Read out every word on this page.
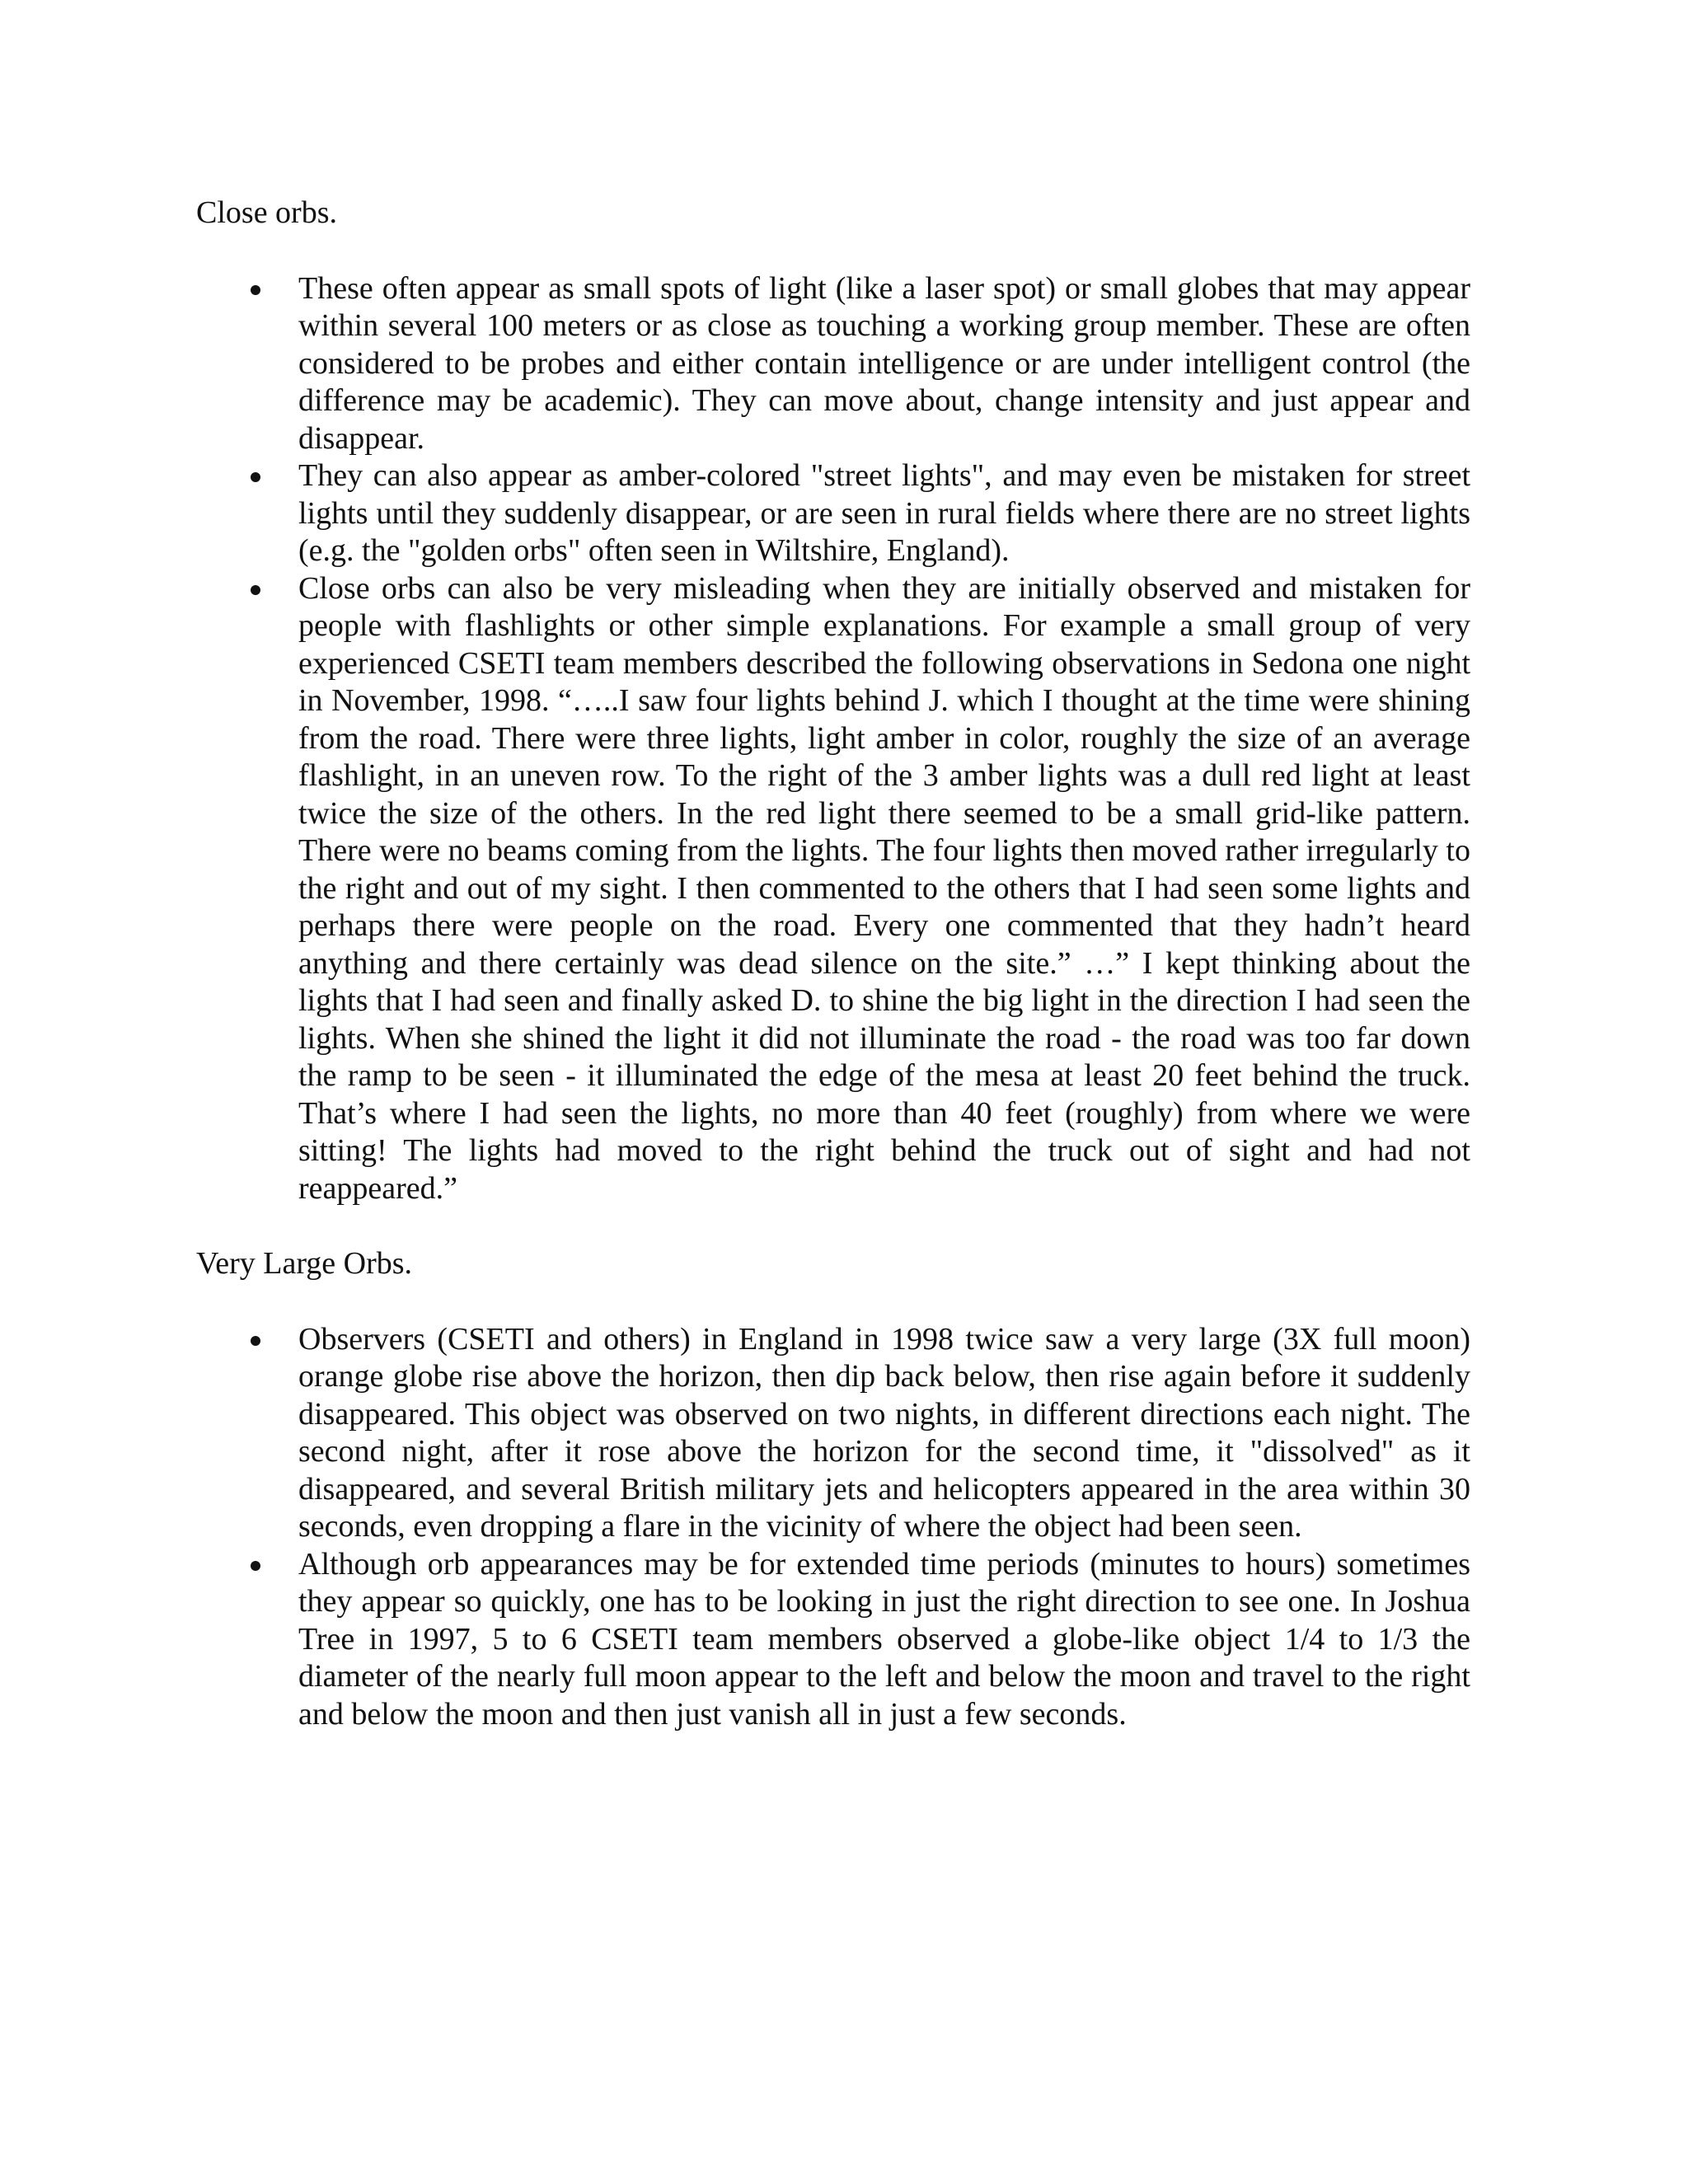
Close orbs.

These often appear as small spots of light (like a laser spot) or small globes that may appear within several 100 meters or as close as touching a working group member. These are often considered to be probes and either contain intelligence or are under intelligent control (the difference may be academic). They can move about, change intensity and just appear and disappear.
They can also appear as amber-colored "street lights", and may even be mistaken for street lights until they suddenly disappear, or are seen in rural fields where there are no street lights (e.g. the "golden orbs" often seen in Wiltshire, England).
Close orbs can also be very misleading when they are initially observed and mistaken for people with flashlights or other simple explanations. For example a small group of very experienced CSETI team members described the following observations in Sedona one night in November, 1998. “…..I saw four lights behind J. which I thought at the time were shining from the road. There were three lights, light amber in color, roughly the size of an average flashlight, in an uneven row. To the right of the 3 amber lights was a dull red light at least twice the size of the others. In the red light there seemed to be a small grid-like pattern. There were no beams coming from the lights. The four lights then moved rather irregularly to the right and out of my sight. I then commented to the others that I had seen some lights and perhaps there were people on the road. Every one commented that they hadn’t heard anything and there certainly was dead silence on the site.” …” I kept thinking about the lights that I had seen and finally asked D. to shine the big light in the direction I had seen the lights. When she shined the light it did not illuminate the road - the road was too far down the ramp to be seen - it illuminated the edge of the mesa at least 20 feet behind the truck. That’s where I had seen the lights, no more than 40 feet (roughly) from where we were sitting! The lights had moved to the right behind the truck out of sight and had not reappeared.”

Very Large Orbs.

Observers (CSETI and others) in England in 1998 twice saw a very large (3X full moon) orange globe rise above the horizon, then dip back below, then rise again before it suddenly disappeared. This object was observed on two nights, in different directions each night. The second night, after it rose above the horizon for the second time, it "dissolved" as it disappeared, and several British military jets and helicopters appeared in the area within 30 seconds, even dropping a flare in the vicinity of where the object had been seen.
Although orb appearances may be for extended time periods (minutes to hours) sometimes they appear so quickly, one has to be looking in just the right direction to see one. In Joshua Tree in 1997, 5 to 6 CSETI team members observed a globe-like object 1/4 to 1/3 the diameter of the nearly full moon appear to the left and below the moon and travel to the right and below the moon and then just vanish all in just a few seconds.
